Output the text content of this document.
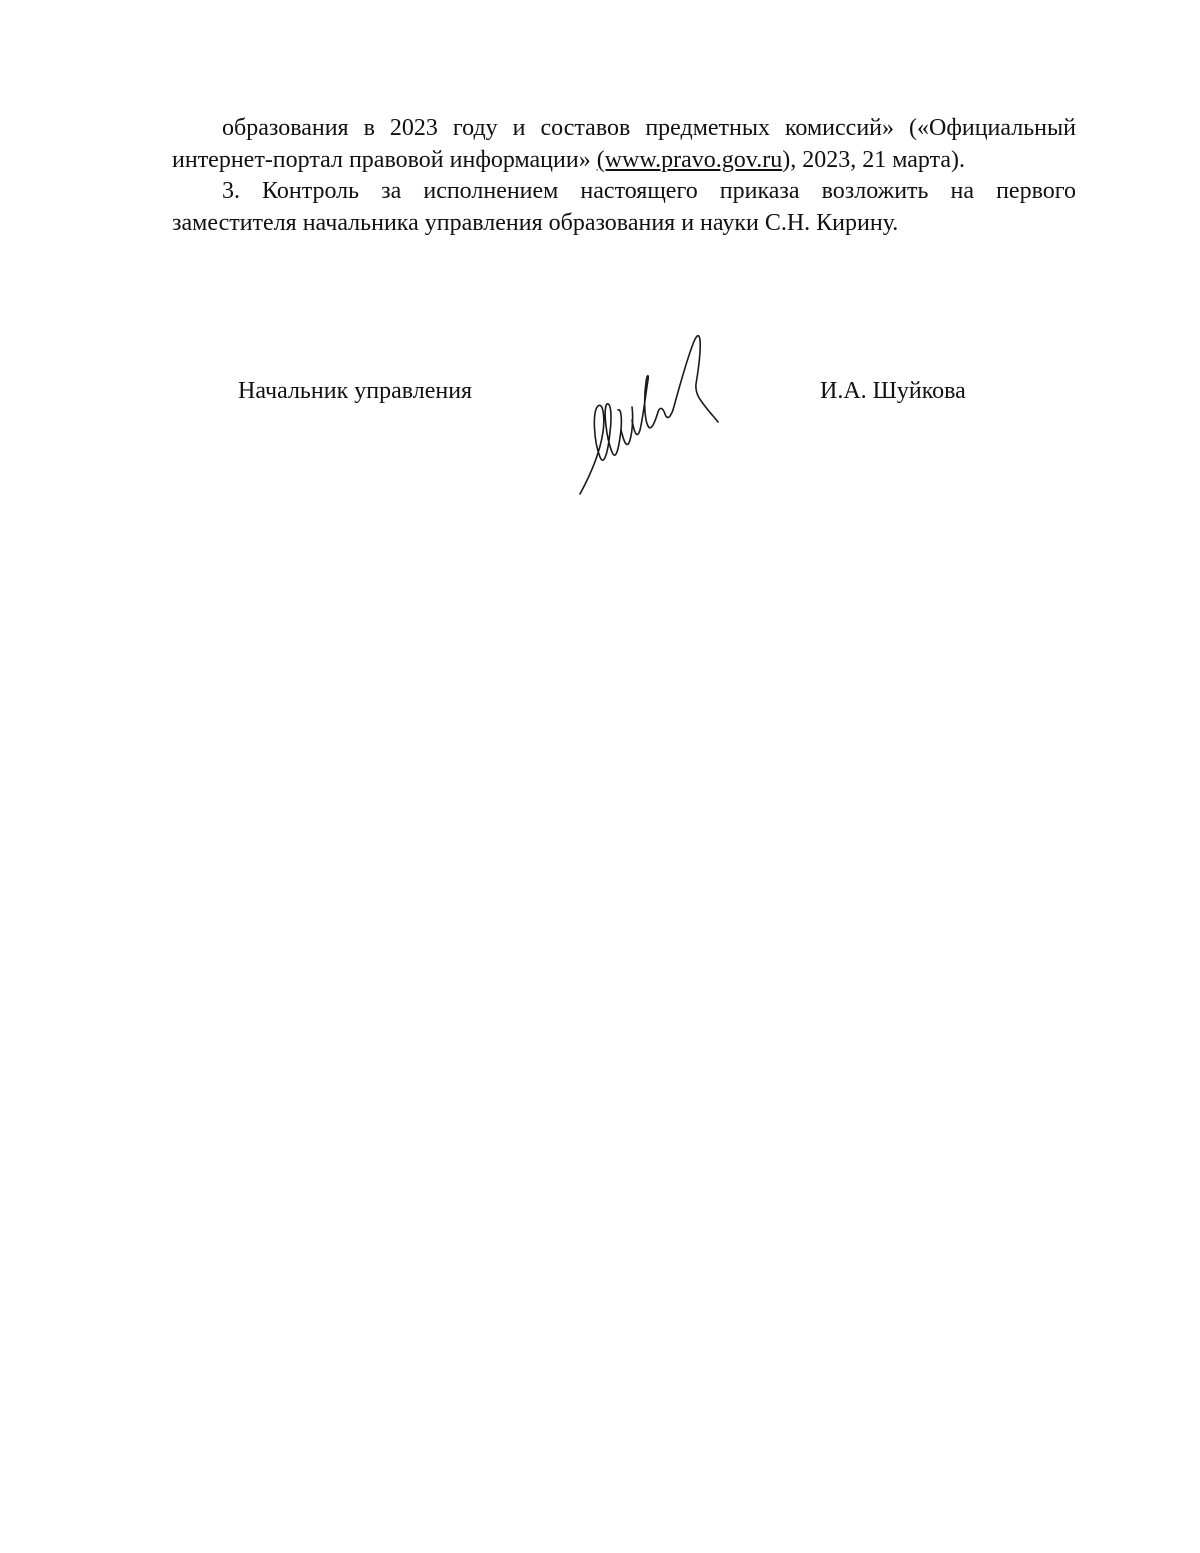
образования в 2023 году и составов предметных комиссий» («Официальный интернет-портал правовой информации» (www.pravo.gov.ru), 2023, 21 марта).

3. Контроль за исполнением настоящего приказа возложить на первого заместителя начальника управления образования и науки С.Н. Кирину.

Начальник управления	И.А. Шуйкова
